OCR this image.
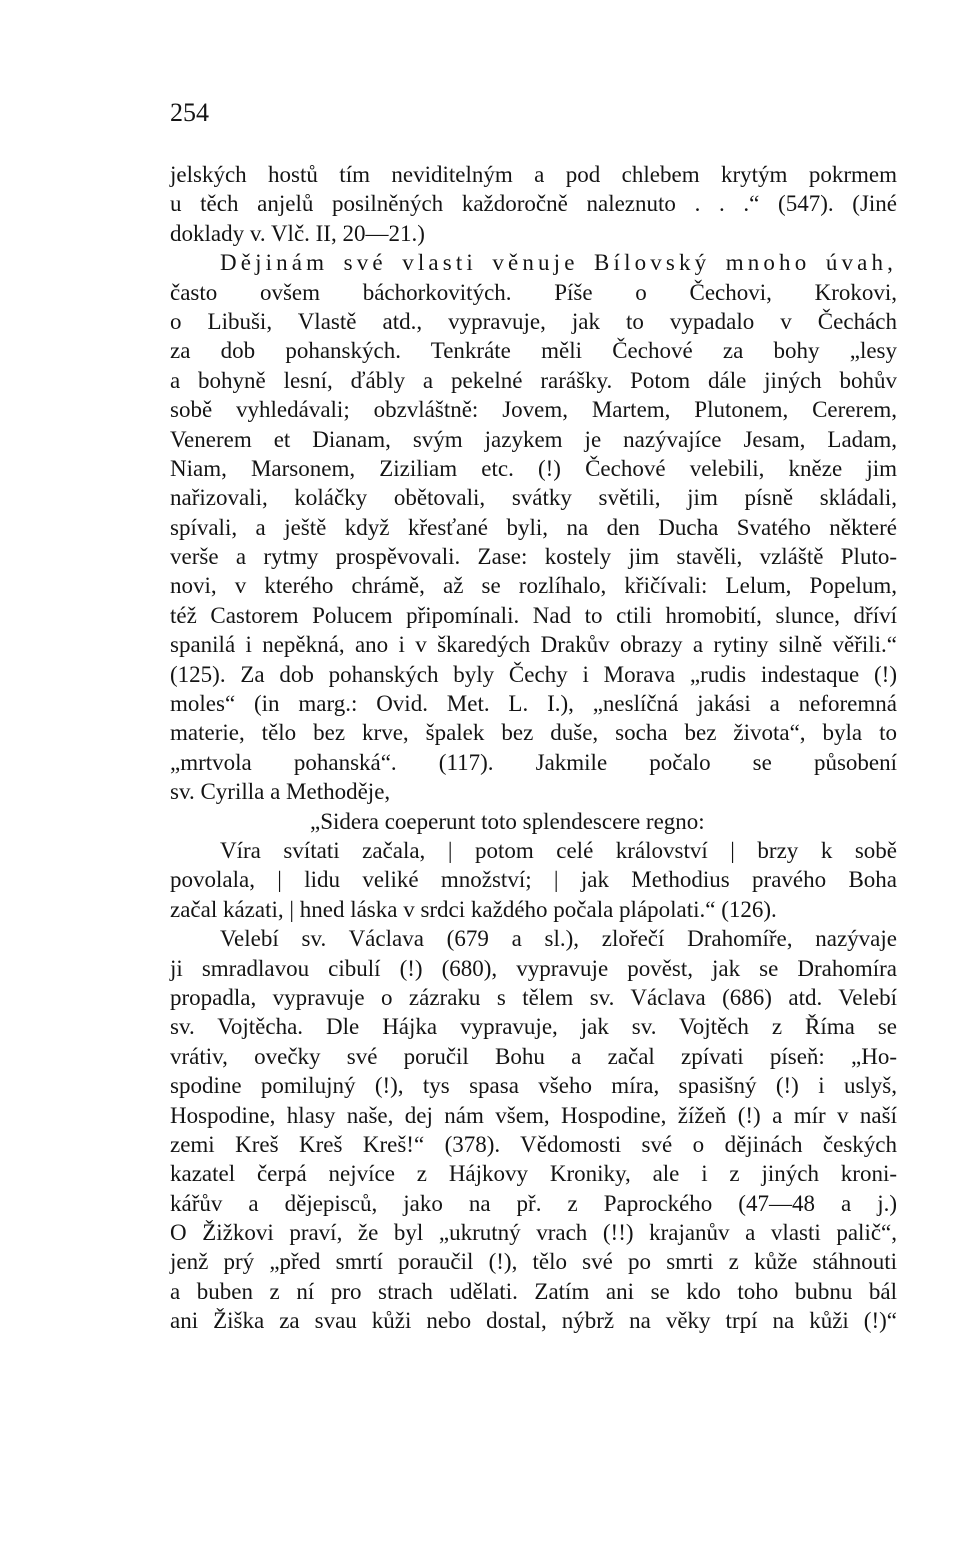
254
jelských hostů tím neviditelným a pod chlebem krytým pokrmem
u těch anjelů posilněných každoročně naleznuto . . .“ (547). (Jiné
doklady v. Vlč. II, 20—21.)
Dějinám své vlasti věnuje Bílovský mnoho úvah,
často ovšem báchorkovitých. Píše o Čechovi, Krokovi,
o Libuši, Vlastě atd., vypravuje, jak to vypadalo v Čechách
za dob pohanských. Tenkráte měli Čechové za bohy „lesy
a bohyně lesní, ďábly a pekelné rarášky. Potom dále jiných bohův
sobě vyhledávali; obzvláštně: Jovem, Martem, Plutonem, Cererem,
Venerem et Dianam, svým jazykem je nazývajíce Jesam, Ladam,
Niam, Marsonem, Ziziliam etc. (!) Čechové velebili, kněze jim
nařizovali, koláčky obětovali, svátky světili, jim písně skládali,
spívali, a ještě když křesťané byli, na den Ducha Svatého některé
verše a rytmy prospěvovali. Zase: kostely jim stavěli, vzláště Pluto-
novi, v kterého chrámě, až se rozlíhalo, křičívali: Lelum, Popelum,
též Castorem Polucem připomínali. Nad to ctili hromobití, slunce, dříví
spanilá i nepěkná, ano i v škaredých Drakův obrazy a rytiny silně věřili.“
(125). Za dob pohanských byly Čechy i Morava „rudis indestaque (!)
moles“ (in marg.: Ovid. Met. L. I.), „neslíčná jakási a neforemná
materie, tělo bez krve, špalek bez duše, socha bez života“, byla to
„mrtvola pohanská“. (117). Jakmile počalo se působení
sv. Cyrilla a Methoděje,
„Sidera coeperunt toto splendescere regno:
Víra svítati začala, | potom celé království | brzy k sobě
povolala, | lidu veliké množství; | jak Methodius pravého Boha
začal kázati, | hned láska v srdci každého počala plápolati.“ (126).
Velebí sv. Václava (679 a sl.), zlořečí Drahomíře, nazývaje
ji smradlavou cibulí (!) (680), vypravuje pověst, jak se Drahomíra
propadla, vypravuje o zázraku s tělem sv. Václava (686) atd. Velebí
sv. Vojtěcha. Dle Hájka vypravuje, jak sv. Vojtěch z Říma se
vrátiv, ovečky své poručil Bohu a začal zpívati píseň: „Ho-
spodine pomilujný (!), tys spasa všeho míra, spasišný (!) i uslyš,
Hospodine, hlasy naše, dej nám všem, Hospodine, žížeň (!) a mír v naší
zemi Kreš Kreš Kreš!“ (378). Vědomosti své o dějinách českých
kazatel čerpá nejvíce z Hájkovy Kroniky, ale i z jiných kroni-
kářův a dějepisců, jako na př. z Paprockého (47—48 a j.)
O Žižkovi praví, že byl „ukrutný vrach (!!) krajanův a vlasti palič“,
jenž prý „před smrtí poraučil (!), tělo své po smrti z kůže stáhnouti
a buben z ní pro strach udělati. Zatím ani se kdo toho bubnu bál
ani Žiška za svau kůži nebo dostal, nýbrž na věky trpí na kůži (!)“
